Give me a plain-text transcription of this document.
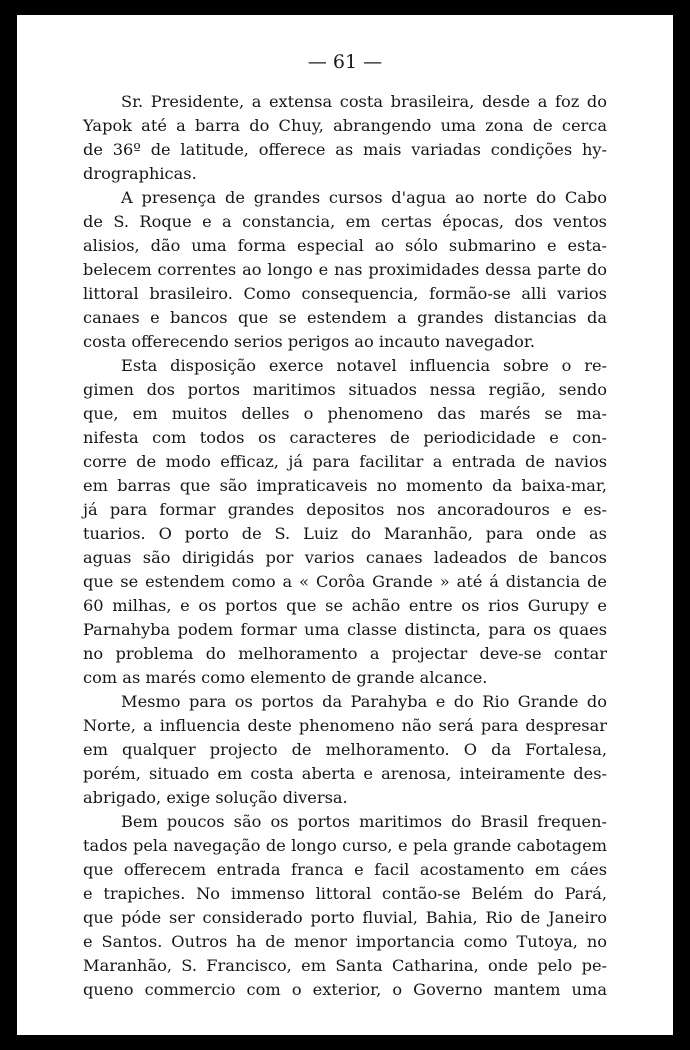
— 61 —
Sr. Presidente, a extensa costa brasileira, desde a foz do
Yapok até a barra do Chuy, abrangendo uma zona de cerca
de 36º de latitude, offerece as mais variadas condições hy-
drographicas.
A presença de grandes cursos d'agua ao norte do Cabo
de S. Roque e a constancia, em certas épocas, dos ventos
alisios, dão uma forma especial ao sólo submarino e esta-
belecem correntes ao longo e nas proximidades dessa parte do
littoral brasileiro. Como consequencia, formão-se alli varios
canaes e bancos que se estendem a grandes distancias da
costa offerecendo serios perigos ao incauto navegador.
Esta disposição exerce notavel influencia sobre o re-
gimen dos portos maritimos situados nessa região, sendo
que, em muitos delles o phenomeno das marés se ma-
nifesta com todos os caracteres de periodicidade e con-
corre de modo efficaz, já para facilitar a entrada de navios
em barras que são impraticaveis no momento da baixa-mar,
já para formar grandes depositos nos ancoradouros e es-
tuarios. O porto de S. Luiz do Maranhão, para onde as
aguas são dirigidás por varios canaes ladeados de bancos
que se estendem como a « Corôa Grande » até á distancia de
60 milhas, e os portos que se achão entre os rios Gurupy e
Parnahyba podem formar uma classe distincta, para os quaes
no problema do melhoramento a projectar deve-se contar
com as marés como elemento de grande alcance.
Mesmo para os portos da Parahyba e do Rio Grande do
Norte, a influencia deste phenomeno não será para despresar
em qualquer projecto de melhoramento. O da Fortalesa,
porém, situado em costa aberta e arenosa, inteiramente des-
abrigado, exige solução diversa.
Bem poucos são os portos maritimos do Brasil frequen-
tados pela navegação de longo curso, e pela grande cabotagem
que offerecem entrada franca e facil acostamento em cáes
e trapiches. No immenso littoral contão-se Belém do Pará,
que póde ser considerado porto fluvial, Bahia, Rio de Janeiro
e Santos. Outros ha de menor importancia como Tutoya, no
Maranhão, S. Francisco, em Santa Catharina, onde pelo pe-
queno commercio com o exterior, o Governo mantem uma
